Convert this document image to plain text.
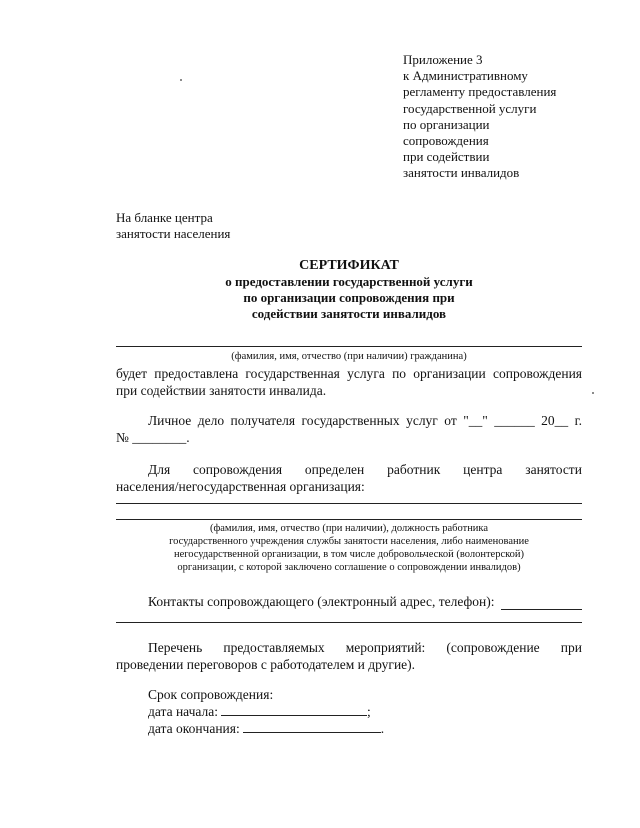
Приложение 3
к Административному
регламенту предоставления
государственной услуги
по организации
сопровождения
при содействии
занятости инвалидов
На бланке центра
занятости населения
СЕРТИФИКАТ
о предоставлении государственной услуги
по организации сопровождения при
содействии занятости инвалидов
(фамилия, имя, отчество (при наличии) гражданина)
будет предоставлена государственная услуга по организации сопровождения
при содействии занятости инвалида.
Личное дело получателя государственных услуг от "__" ______ 20__ г.
№ ________.
Для сопровождения определен работник центра занятости
населения/негосударственная организация:
(фамилия, имя, отчество (при наличии), должность работника
государственного учреждения службы занятости населения, либо наименование
негосударственной организации, в том числе добровольческой (волонтерской)
организации, с которой заключено соглашение о сопровождении инвалидов)
Контакты сопровождающего (электронный адрес, телефон):
Перечень предоставляемых мероприятий: (сопровождение при
проведении переговоров с работодателем и другие).
Срок сопровождения:
дата начала:	;
дата окончания:	.
